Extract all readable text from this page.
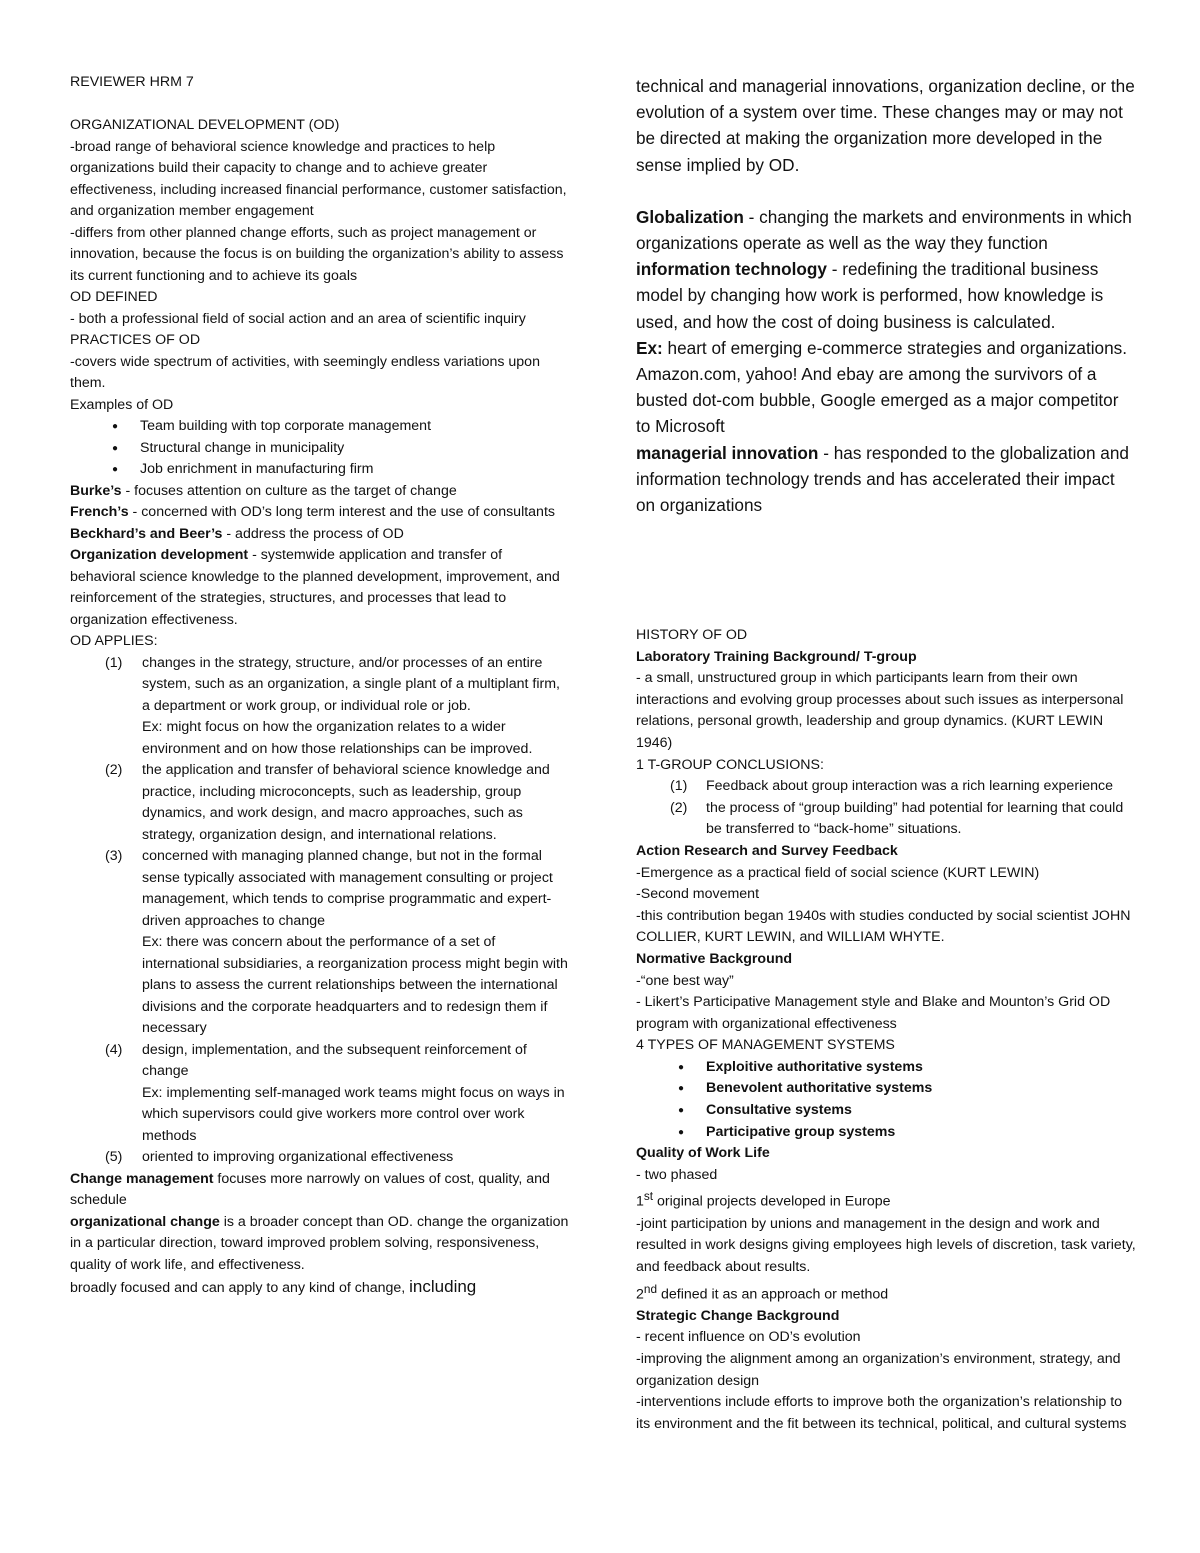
REVIEWER HRM 7

ORGANIZATIONAL DEVELOPMENT (OD)

-broad range of behavioral science knowledge and practices to help organizations build their capacity to change and to achieve greater effectiveness, including increased financial performance, customer satisfaction, and organization member engagement

-differs from other planned change efforts, such as project management or innovation, because the focus is on building the organization’s ability to assess its current functioning and to achieve its goals

OD DEFINED

- both a professional field of social action and an area of scientific inquiry

PRACTICES OF OD

-covers wide spectrum of activities, with seemingly endless variations upon them.

Examples of OD

● Team building with top corporate management
● Structural change in municipality
● Job enrichment in manufacturing firm

Burke’s - focuses attention on culture as the target of change

French’s - concerned with OD’s long term interest and the use of consultants

Beckhard’s and Beer’s - address the process of OD

Organization development - systemwide application and transfer of behavioral science knowledge to the planned development, improvement, and reinforcement of the strategies, structures, and processes that lead to organization effectiveness.

OD APPLIES:

(1) changes in the strategy, structure, and/or processes of an entire system, such as an organization, a single plant of a multiplant firm, a department or work group, or individual role or job.
Ex: might focus on how the organization relates to a wider environment and on how those relationships can be improved.
(2) the application and transfer of behavioral science knowledge and practice, including microconcepts, such as leadership, group dynamics, and work design, and macro approaches, such as strategy, organization design, and international relations.
(3) concerned with managing planned change, but not in the formal sense typically associated with management consulting or project management, which tends to comprise programmatic and expert-driven approaches to change
Ex: there was concern about the performance of a set of international subsidiaries, a reorganization process might begin with plans to assess the current relationships between the international divisions and the corporate headquarters and to redesign them if necessary
(4) design, implementation, and the subsequent reinforcement of change
Ex: implementing self-managed work teams might focus on ways in which supervisors could give workers more control over work methods
(5) oriented to improving organizational effectiveness

Change management focuses more narrowly on values of cost, quality, and schedule

organizational change is a broader concept than OD. change the organization in a particular direction, toward improved problem solving, responsiveness, quality of work life, and effectiveness.

broadly focused and can apply to any kind of change, including

technical and managerial innovations, organization decline, or the evolution of a system over time. These changes may or may not be directed at making the organization more developed in the sense implied by OD.

Globalization - changing the markets and environments in which organizations operate as well as the way they function

information technology - redefining the traditional business model by changing how work is performed, how knowledge is used, and how the cost of doing business is calculated.

Ex: heart of emerging e-commerce strategies and organizations. Amazon.com, yahoo! And ebay are among the survivors of a busted dot-com bubble, Google emerged as a major competitor to Microsoft

managerial innovation - has responded to the globalization and information technology trends and has accelerated their impact on organizations

HISTORY OF OD

Laboratory Training Background/ T-group

- a small, unstructured group in which participants learn from their own interactions and evolving group processes about such issues as interpersonal relations, personal growth, leadership and group dynamics. (KURT LEWIN 1946)

1 T-GROUP CONCLUSIONS:

(1) Feedback about group interaction was a rich learning experience
(2) the process of “group building” had potential for learning that could be transferred to “back-home” situations.

Action Research and Survey Feedback

-Emergence as a practical field of social science (KURT LEWIN)

-Second movement

-this contribution began 1940s with studies conducted by social scientist JOHN COLLIER, KURT LEWIN, and WILLIAM WHYTE.

Normative Background

-“one best way”

- Likert’s Participative Management style and Blake and Mounton’s Grid OD program with organizational effectiveness

4 TYPES OF MANAGEMENT SYSTEMS

● Exploitive authoritative systems
● Benevolent authoritative systems
● Consultative systems
● Participative group systems

Quality of Work Life

- two phased

1st original projects developed in Europe

-joint participation by unions and management in the design and work and resulted in work designs giving employees high levels of discretion, task variety, and feedback about results.

2nd defined it as an approach or method

Strategic Change Background

- recent influence on OD’s evolution

-improving the alignment among an organization’s environment, strategy, and organization design

-interventions include efforts to improve both the organization’s relationship to its environment and the fit between its technical, political, and cultural systems
